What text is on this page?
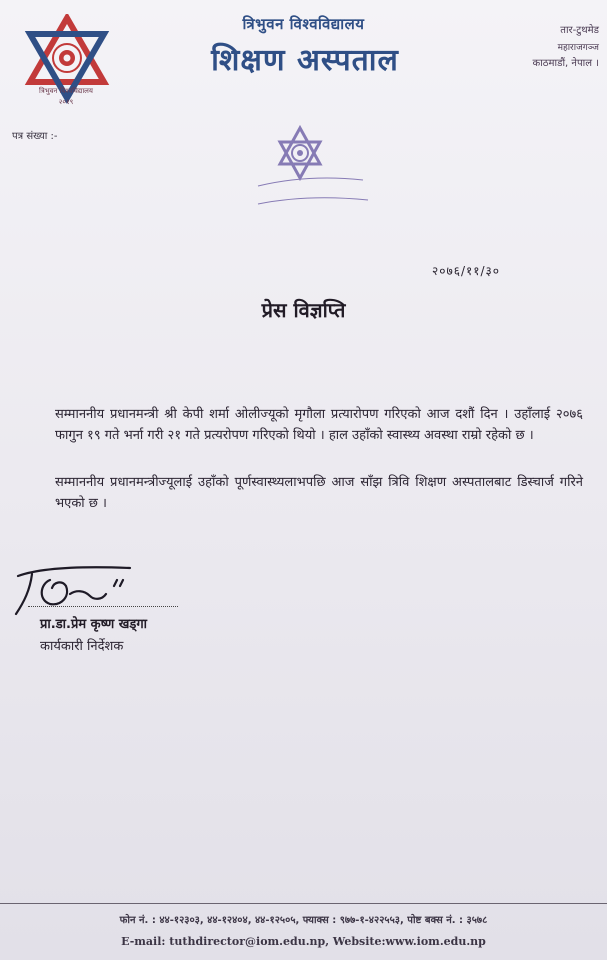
त्रिभुवन विश्वविद्यालय
२०१९
त्रिभुवन विश्वविद्यालय
शिक्षण अस्पताल
तार-टुथमेड
महाराजगञ्ज
काठमाडौं, नेपाल ।
पत्र संख्या :-
२०७६/११/३०
प्रेस विज्ञप्ति
सम्माननीय प्रधानमन्त्री श्री केपी शर्मा ओलीज्यूको मृगौला प्रत्यारोपण गरिएको आज दशौं दिन । उहाँलाई २०७६ फागुन १९ गते भर्ना गरी २१ गते प्रत्यरोपण गरिएको थियो । हाल उहाँको स्वास्थ्य अवस्था राम्रो रहेको छ ।
सम्माननीय प्रधानमन्त्रीज्यूलाई उहाँको पूर्णस्वास्थ्यलाभपछि आज साँझ त्रिवि शिक्षण अस्पतालबाट डिस्चार्ज गरिने भएको छ ।
प्रा.डा.प्रेम कृष्ण खड्गा
कार्यकारी निर्देशक
फोन नं. : ४४-१२३०३, ४४-१२४०४, ४४-१२५०५, फ्याक्स : ९७७-१-४२२५५३, पोष्ट बक्स नं. : ३५७८
E-mail: tuthdirector@iom.edu.np, Website:www.iom.edu.np
